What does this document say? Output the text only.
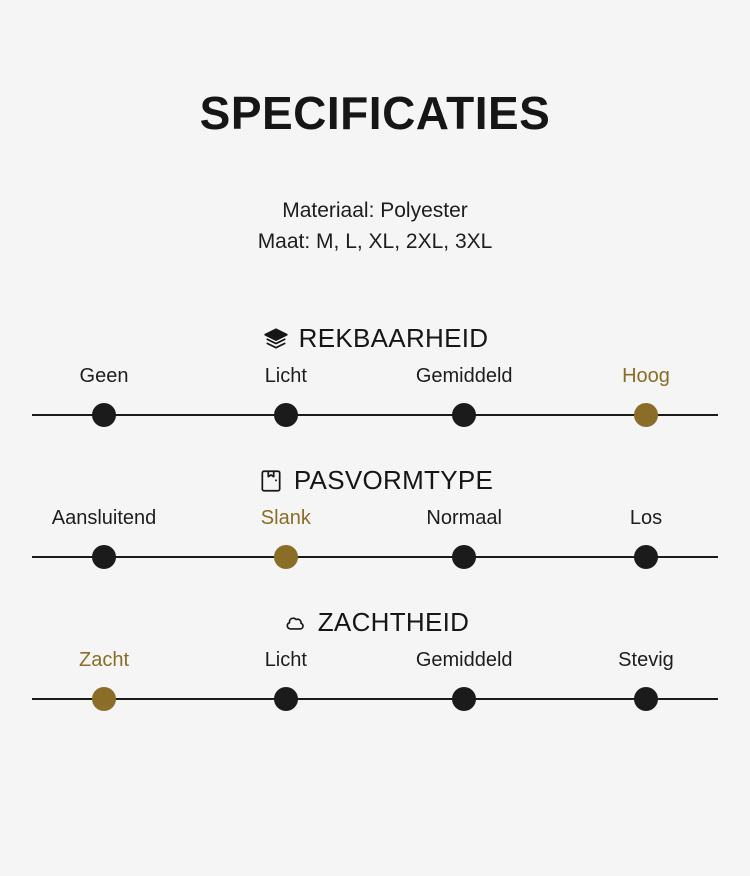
SPECIFICATIES
Materiaal: Polyester
Maat: M, L, XL, 2XL, 3XL
REKBAARHEID
Geen	Licht	Gemiddeld	Hoog
PASVORMTYPE
Aansluitend	Slank	Normaal	Los
ZACHTHEID
Zacht	Licht	Gemiddeld	Stevig
